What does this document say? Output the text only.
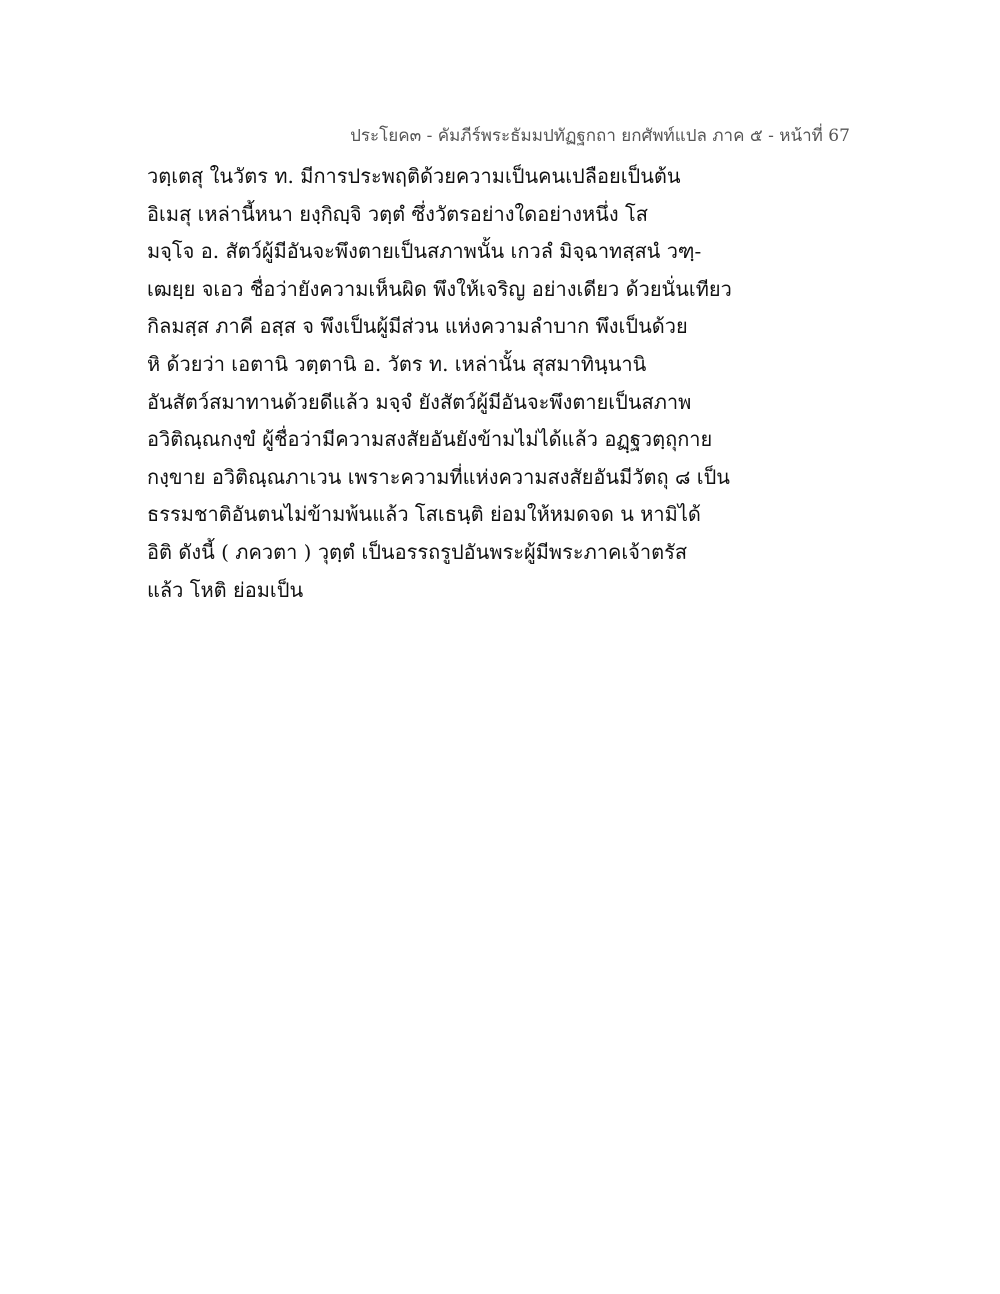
ประโยค๓ - คัมภีร์พระธัมมปทัฏฐกถา ยกศัพท์แปล ภาค ๕ - หน้าที่ 67
วตฺเตสุ ในวัตร ท. มีการประพฤติด้วยความเป็นคนเปลือยเป็นต้น
อิเมสุ เหล่านี้หนา ยงฺกิญฺจิ วตฺตํ ซึ่งวัตรอย่างใดอย่างหนึ่ง โส
มจฺโจ อ. สัตว์ผู้มีอันจะพึงตายเป็นสภาพนั้น เกวลํ มิจฺฉาทสฺสนํ วฑฺ-
เฒยฺย จเอว ชื่อว่ายังความเห็นผิด พึงให้เจริญ อย่างเดียว ด้วยนั่นเทียว
กิลมสฺส ภาคี อสฺส จ พึงเป็นผู้มีส่วน แห่งความลำบาก พึงเป็นด้วย
หิ ด้วยว่า เอตานิ วตฺตานิ อ. วัตร ท. เหล่านั้น สุสมาทินฺนานิ
อันสัตว์สมาทานด้วยดีแล้ว มจฺจํ ยังสัตว์ผู้มีอันจะพึงตายเป็นสภาพ
อวิติณฺณกงฺขํ ผู้ชื่อว่ามีความสงสัยอันยังข้ามไม่ได้แล้ว อฏฺฐวตฺถุกาย
กงฺขาย อวิติณฺณภาเวน เพราะความที่แห่งความสงสัยอันมีวัตถุ ๘ เป็น
ธรรมชาติอันตนไม่ข้ามพ้นแล้ว โสเธนฺติ ย่อมให้หมดจด น หามิได้
อิติ ดังนี้ ( ภควตา ) วุตฺตํ เป็นอรรถรูปอันพระผู้มีพระภาคเจ้าตรัส
แล้ว โหติ ย่อมเป็น
